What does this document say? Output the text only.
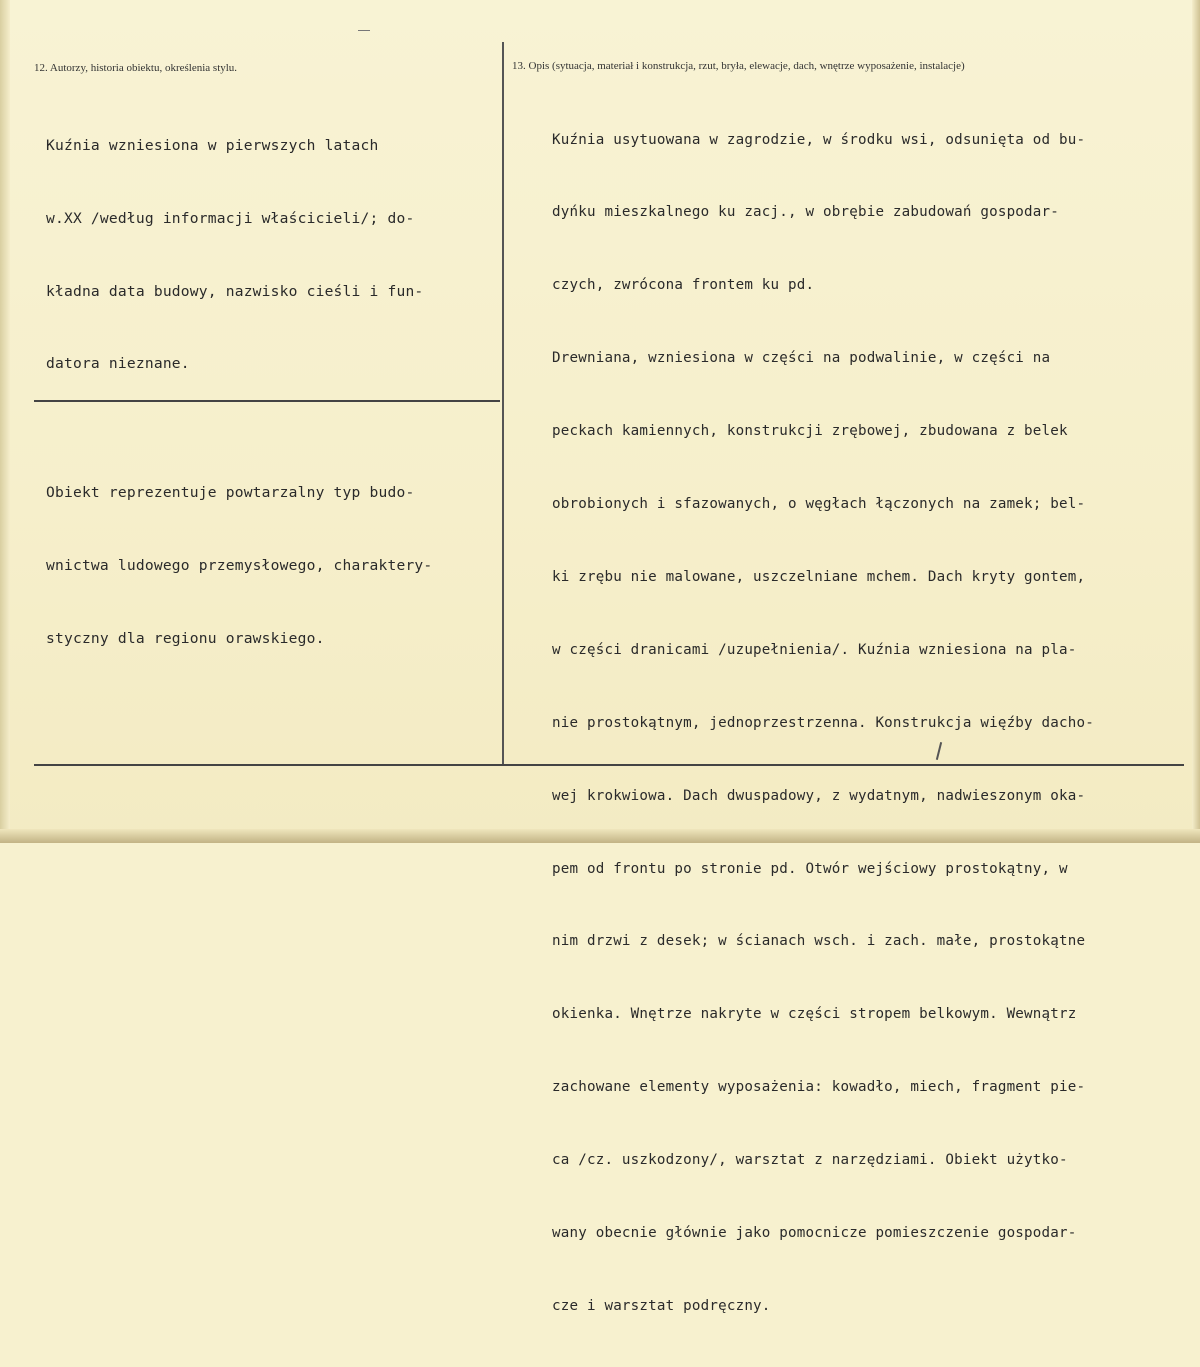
12. Autorzy, historia obiektu, określenia stylu.

Kuźnia wzniesiona w pierwszych latach

w.XX /według informacji właścicieli/; do-

kładna data budowy, nazwisko cieśli i fun-

datora nieznane.

Obiekt reprezentuje powtarzalny typ budo-

wnictwa ludowego przemysłowego, charaktery-

styczny dla regionu orawskiego.

13. Opis (sytuacja, materiał i konstrukcja, rzut, bryła, elewacje, dach, wnętrze wyposażenie, instalacje)

Kuźnia usytuowana w zagrodzie, w środku wsi, odsunięta od bu-

dyńku mieszkalnego ku zacj., w obrębie zabudowań gospodar-

czych, zwrócona frontem ku pd.

Drewniana, wzniesiona w części na podwalinie, w części na

peckach kamiennych, konstrukcji zrębowej, zbudowana z belek

obrobionych i sfazowanych, o węgłach łączonych na zamek; bel-

ki zrębu nie malowane, uszczelniane mchem. Dach kryty gontem,

w części dranicami /uzupełnienia/. Kuźnia wzniesiona na pla-

nie prostokątnym, jednoprzestrzenna. Konstrukcja więźby dacho-

wej krokwiowa. Dach dwuspadowy, z wydatnym, nadwieszonym oka-

pem od frontu po stronie pd. Otwór wejściowy prostokątny, w

nim drzwi z desek; w ścianach wsch. i zach. małe, prostokątne

okienka. Wnętrze nakryte w części stropem belkowym. Wewnątrz

zachowane elementy wyposażenia: kowadło, miech, fragment pie-

ca /cz. uszkodzony/, warsztat z narzędziami. Obiekt użytko-

wany obecnie głównie jako pomocnicze pomieszczenie gospodar-

cze i warsztat podręczny.
